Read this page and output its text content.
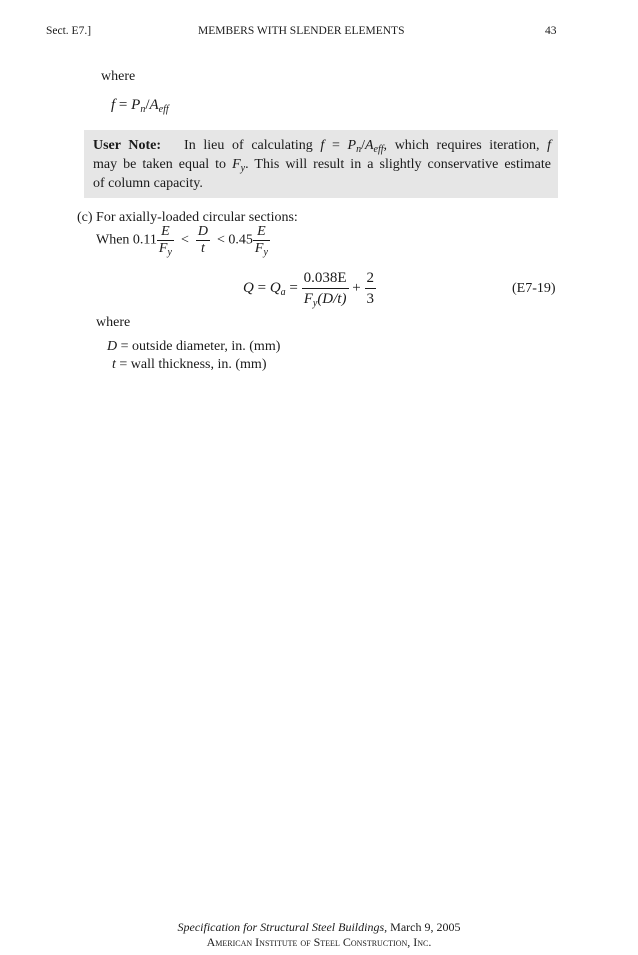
Sect. E7.]	MEMBERS WITH SLENDER ELEMENTS	43
where
$f = P_n/A_{eff}$
User Note: In lieu of calculating $f = P_n/A_{eff}$, which requires iteration, f
may be taken equal to $F_y$. This will result in a slightly conservative estimate
of column capacity.
(c) For axially-loaded circular sections:
When $0.11 \frac{E}{F_y} < \frac{D}{t} < 0.45 \frac{E}{F_y}$
$Q = Q_a = \frac{0.038E}{F_y(D/t)} + \frac{2}{3}$	(E7-19)
where
D = outside diameter, in. (mm)
t = wall thickness, in. (mm)
Specification for Structural Steel Buildings, March 9, 2005
American Institute of Steel Construction, Inc.
